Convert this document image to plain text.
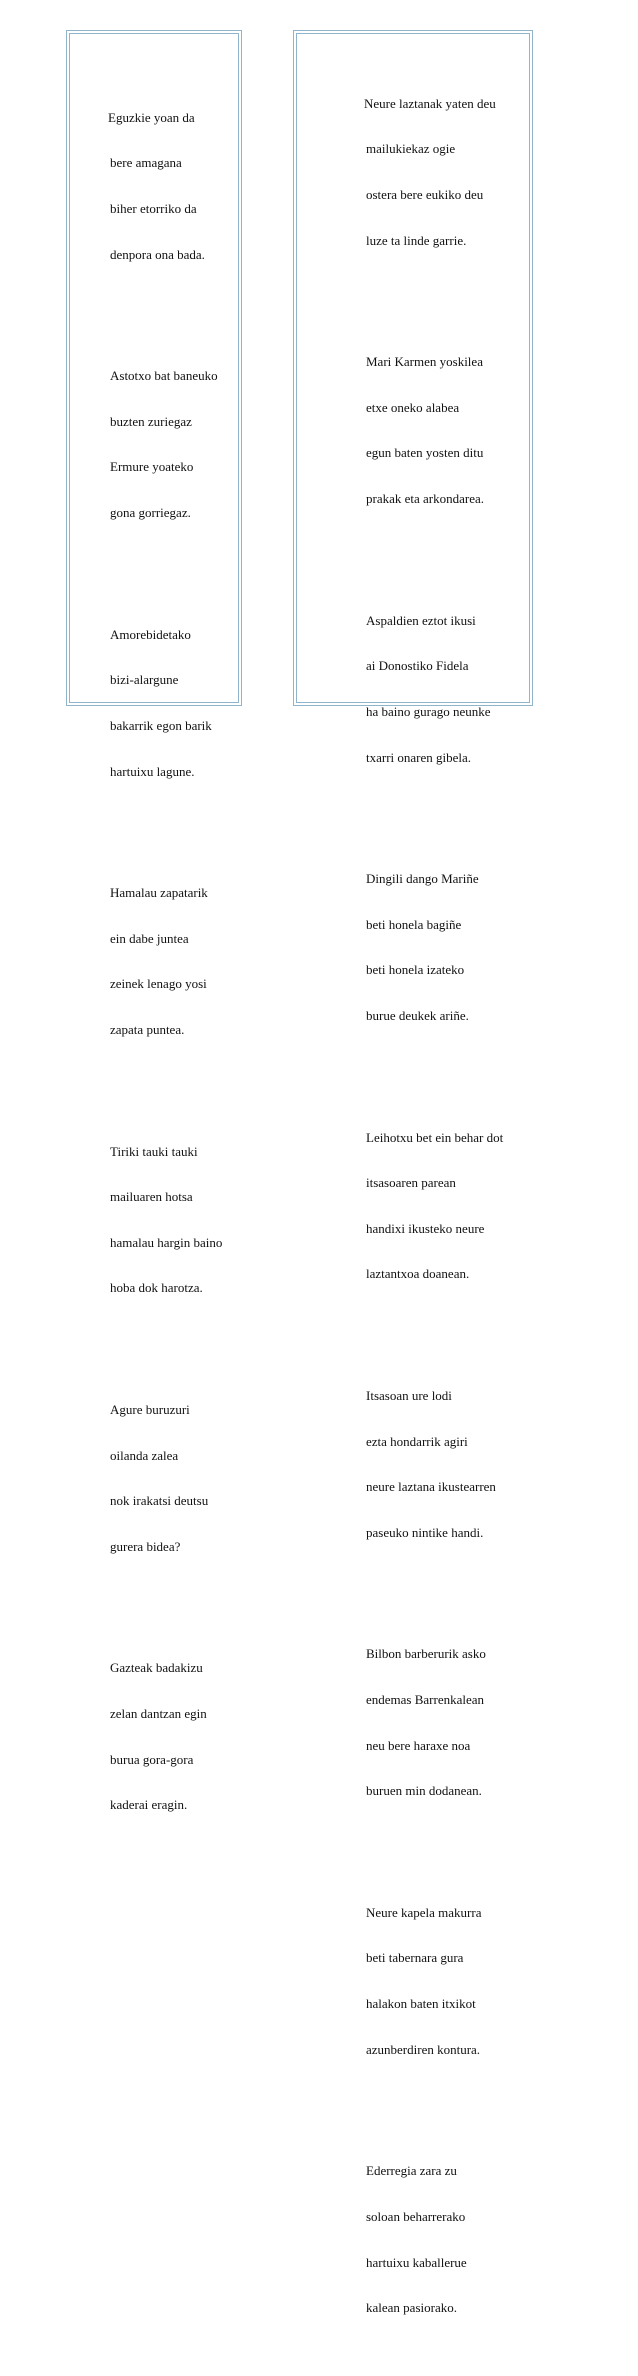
Eguzkie yoan da

bere amagana

biher etorriko da

denpora ona bada.

Astotxo bat baneuko

buzten zuriegaz

Ermure yoateko

gona gorriegaz.

Amorebidetako

bizi-alargune

bakarrik egon barik

hartuixu lagune.

Hamalau zapatarik

ein dabe juntea

zeinek lenago yosi

zapata puntea.

Tiriki tauki tauki

mailuaren hotsa

hamalau hargin baino

hoba dok harotza.

Agure buruzuri

oilanda zalea

nok irakatsi deutsu

gurera bidea?

Gazteak badakizu

zelan dantzan egin

burua gora-gora

kaderai eragin.

Neure laztanak yaten deu

mailukiekaz ogie

ostera bere eukiko deu

luze ta linde garrie.

Mari Karmen yoskilea

etxe oneko alabea

egun baten yosten ditu

prakak eta arkondarea.

Aspaldien eztot ikusi

ai Donostiko Fidela

ha baino gurago neunke

txarri onaren gibela.

Dingili dango Mariñe

beti honela bagiñe

beti honela izateko

burue deukek ariñe.

Leihotxu bet ein behar dot

itsasoaren parean

handixi ikusteko neure

laztantxoa doanean.

Itsasoan ure lodi

ezta hondarrik agiri

neure laztana ikustearren

paseuko nintike handi.

Bilbon barberurik asko

endemas Barrenkalean

neu bere haraxe noa

buruen min dodanean.

Neure kapela makurra

beti tabernara gura

halakon baten itxikot

azunberdiren kontura.

Ederregia zara zu

soloan beharrerako

hartuixu kaballerue

kalean pasiorako.
